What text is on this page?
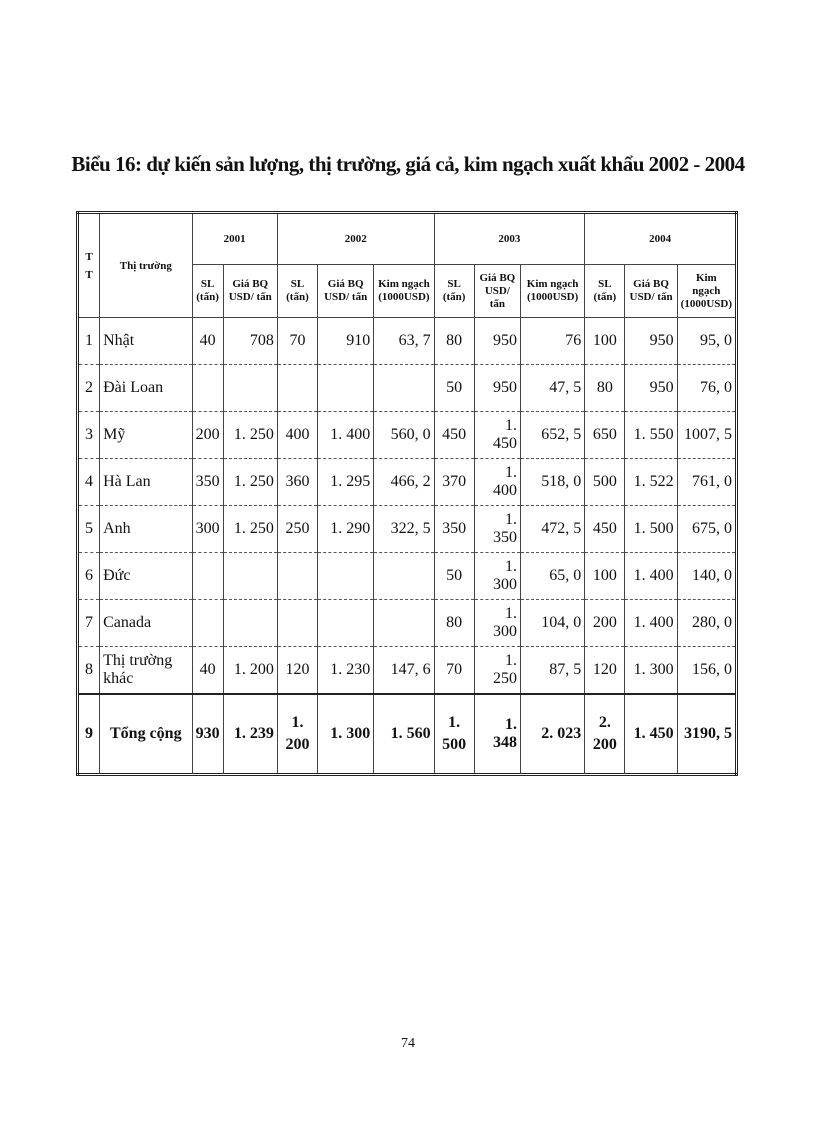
Biểu 16: dự kiến sản lượng, thị trường, giá cả, kim ngạch xuất khẩu 2002 - 2004
T T	Thị trường	2001		2002			2003			2004		
		SL (tấn)	Giá BQ USD/ tấn	SL (tấn)	Giá BQ USD/ tấn	Kim ngạch (1000USD)	SL (tấn)	Giá BQ USD/ tấn	Kim ngạch (1000USD)	SL (tấn)	Giá BQ USD/ tấn	Kim ngạch (1000USD)
1	Nhật	40	708	70	910	63, 7	80	950	76	100	950	95, 0
2	Đài Loan						50	950	47, 5	80	950	76, 0
3	Mỹ	200	1. 250	400	1. 400	560, 0	450	1. 450	652, 5	650	1. 550	1007, 5
4	Hà Lan	350	1. 250	360	1. 295	466, 2	370	1. 400	518, 0	500	1. 522	761, 0
5	Anh	300	1. 250	250	1. 290	322, 5	350	1. 350	472, 5	450	1. 500	675, 0
6	Đức						50	1. 300	65, 0	100	1. 400	140, 0
7	Canada						80	1. 300	104, 0	200	1. 400	280, 0
8	Thị trường khác	40	1. 200	120	1. 230	147, 6	70	1. 250	87, 5	120	1. 300	156, 0
9	Tổng cộng	930	1. 239	1. 200	1. 300	1. 560	1. 500	1. 348	2. 023	2. 200	1. 450	3190, 5
74
